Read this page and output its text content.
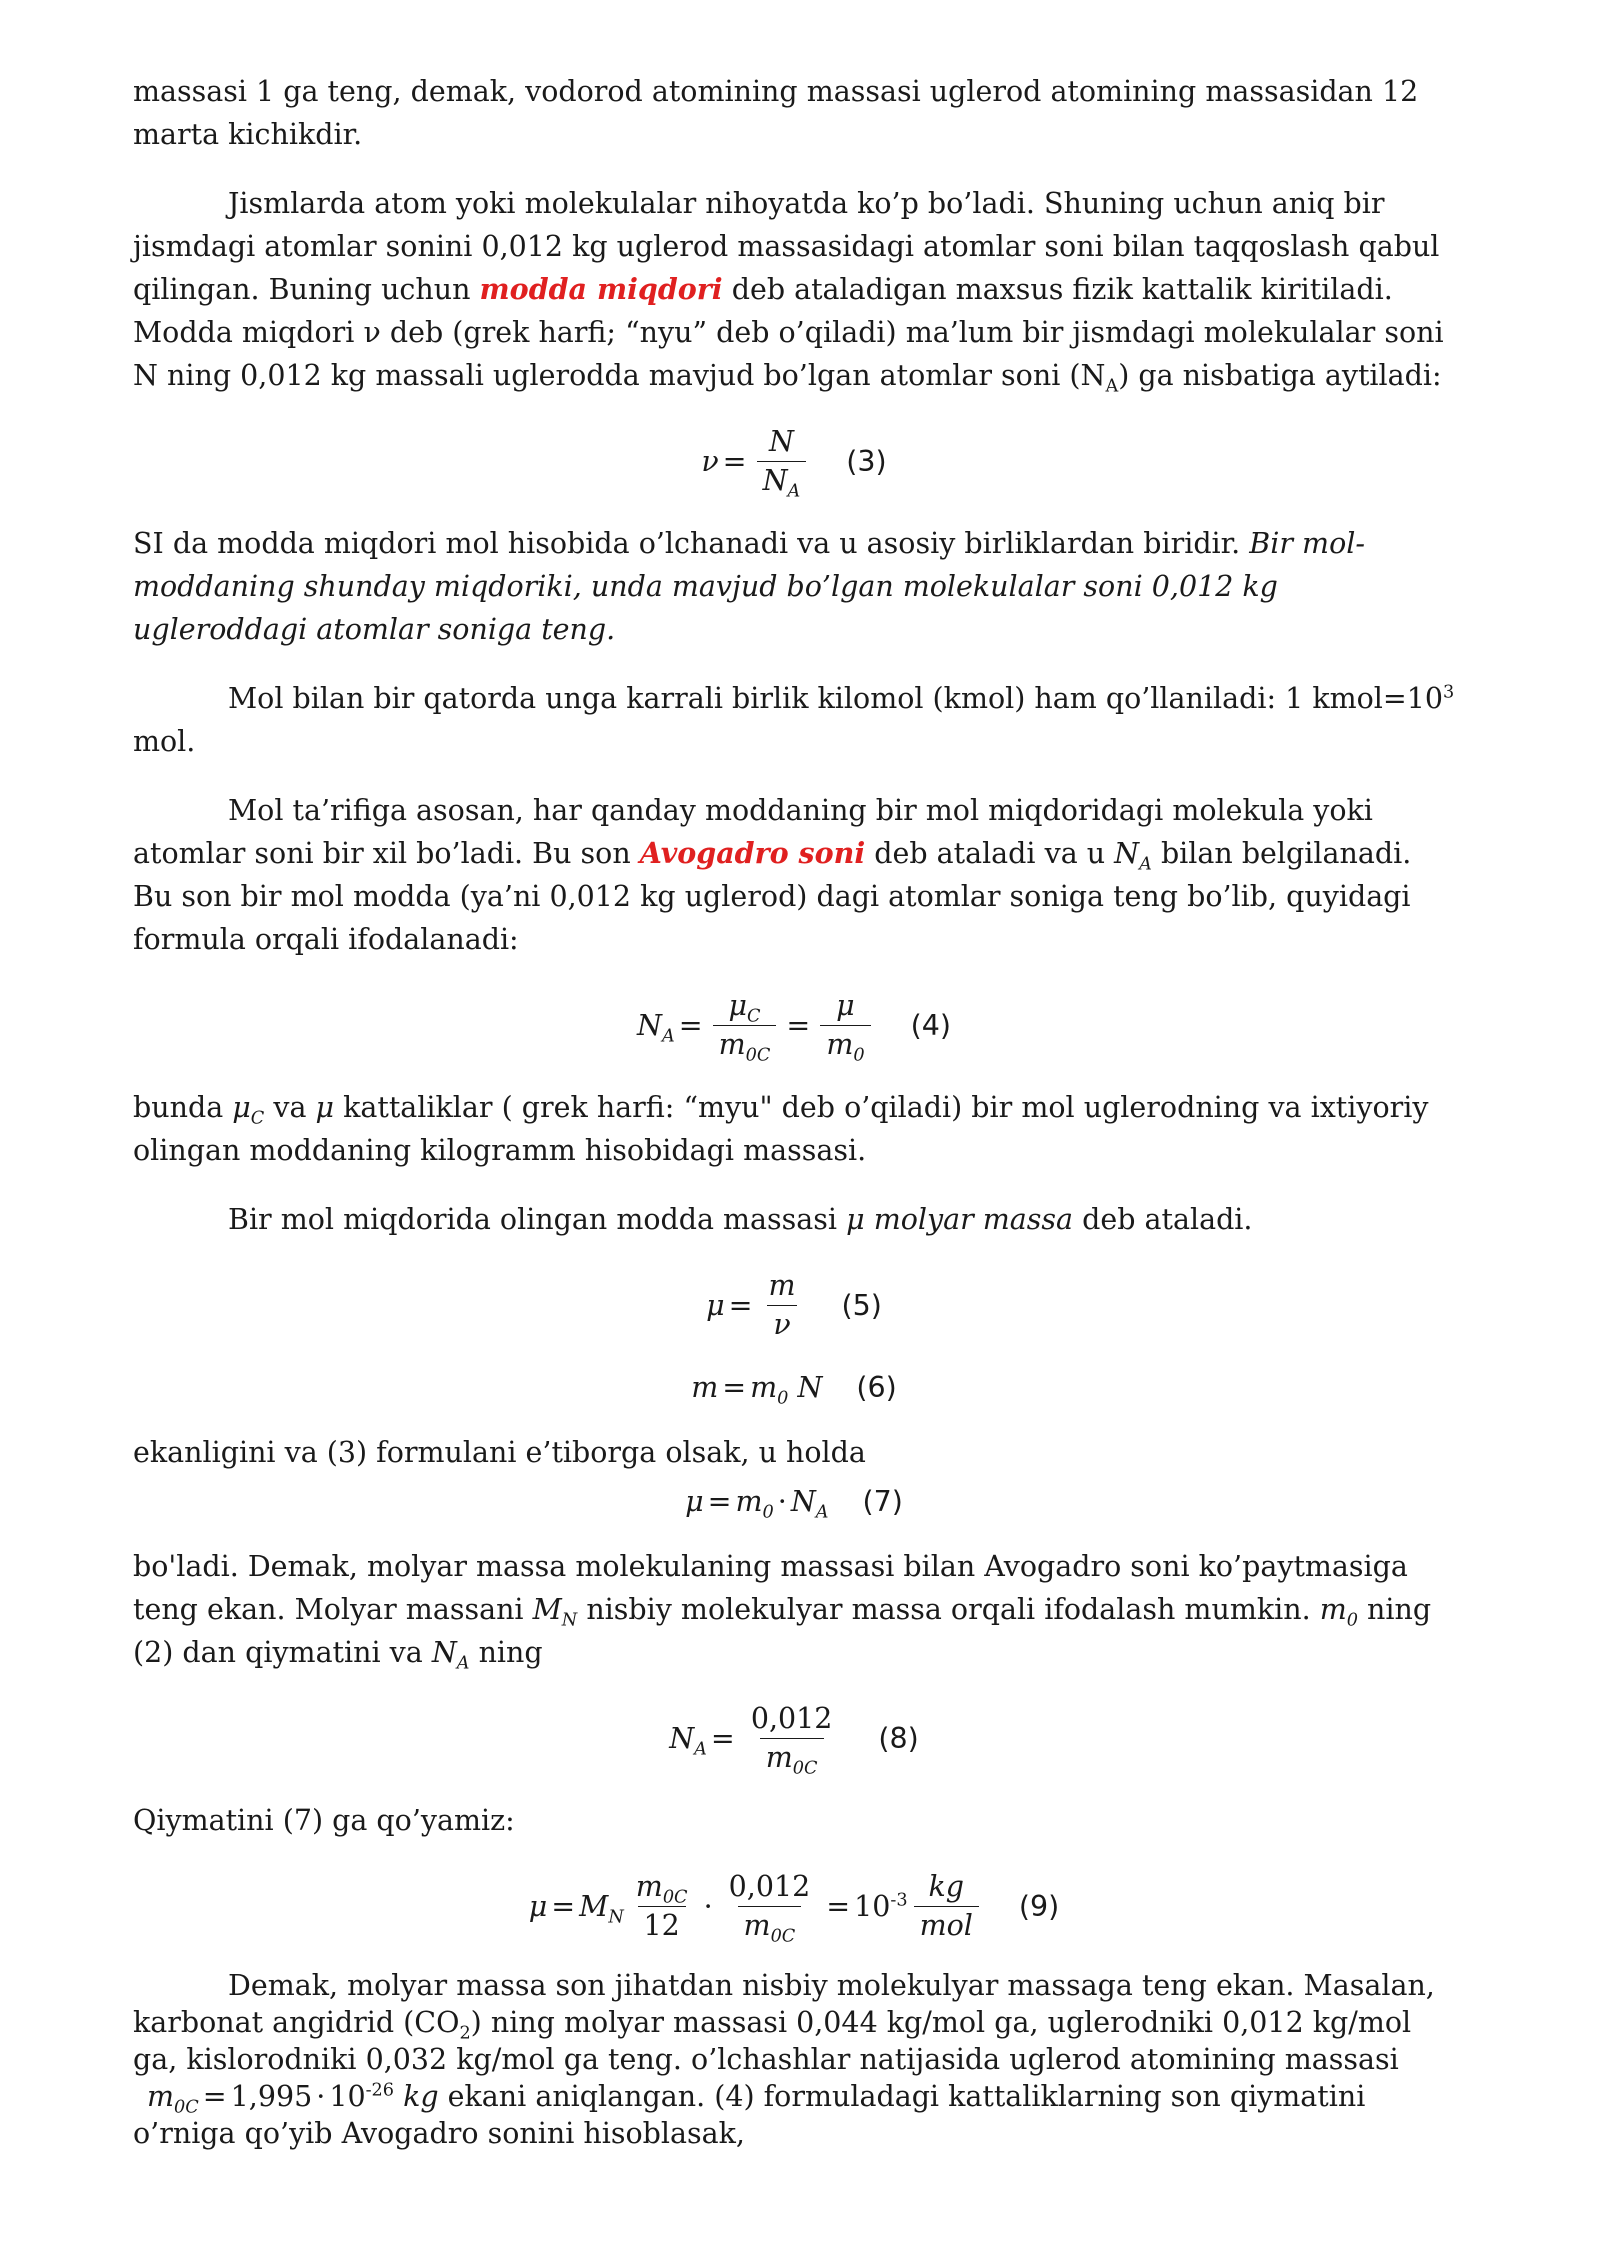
massasi 1 ga teng, demak, vodorod atomining massasi uglerod atomining massasidan 12 marta kichikdir.

Jismlarda atom yoki molekulalar nihoyatda ko’p bo’ladi. Shuning uchun aniq bir jismdagi atomlar sonini 0,012 kg uglerod massasidagi atomlar soni bilan taqqoslash qabul qilingan. Buning uchun modda miqdori deb ataladigan maxsus fizik kattalik kiritiladi. Modda miqdori ν deb (grek harfi; “nyu” deb o’qiladi) ma’lum bir jismdagi molekulalar soni N ning 0,012 kg massali uglerodda mavjud bo’lgan atomlar soni $(N_A)$ ga nisbatiga aytiladi:

$\nu = \frac{N}{N_A} (3)$

SI da modda miqdori mol hisobida o’lchanadi va u asosiy birliklardan biridir. Bir mol-moddaning shunday miqdoriki, unda mavjud bo’lgan molekulalar soni 0,012 kg ugleroddagi atomlar soniga teng.

Mol bilan bir qatorda unga karrali birlik kilomol (kmol) ham qo’llaniladi: 1 $kmol=10^3$ mol.

Mol ta’rifiga asosan, har qanday moddaning bir mol miqdoridagi molekula yoki atomlar soni bir xil bo’ladi. Bu son Avogadro soni deb ataladi va u $N_A$ bilan belgilanadi. Bu son bir mol modda (ya’ni 0,012 kg uglerod) dagi atomlar soniga teng bo’lib, quyidagi formula orqali ifodalanadi:

$N_A = \frac{\mu_C}{m_{0C}} = \frac{\mu}{m_0} (4)$

bunda $\mu_C$ va μ kattaliklar ( grek harfi: “myu" deb o’qiladi) bir mol uglerodning va ixtiyoriy olingan moddaning kilogramm hisobidagi massasi.

Bir mol miqdorida olingan modda massasi μ molyar massa deb ataladi.

$\mu = \frac{m}{\nu} (5)$
$m = m_0$ N (6)

ekanligini va (3) formulani e’tiborga olsak, u holda

$\mu = m_0 \cdot N_A$ (7)

bo'ladi. Demak, molyar massa molekulaning massasi bilan Avogadro soni ko’paytmasiga teng ekan. Molyar massani $M_N$ nisbiy molekulyar massa orqali ifodalash mumkin. $m_0$ ning (2) dan qiymatini va $N_A$ ning

$N_A = \frac{0,012}{m_{0C}} (8)$

Qiymatini (7) ga qo’yamiz:

$\mu = M_N \frac{m_{0C}}{12} \cdot \frac{0,012}{m_{0C}} = 10^{-3} \frac{kg}{\text{mol}} (9)$

Demak, molyar massa son jihatdan nisbiy molekulyar massaga teng ekan. Masalan, karbonat angidrid $(CO_2)$ ning molyar massasi 0,044 kg/mol ga, uglerodniki 0,012 kg/mol ga, kislorodniki 0,032 kg/mol ga teng. o’lchashlar natijasida uglerod atomining massasi
$m_{0C} = 1,995 \cdot 10^{-26}$ kg ekani aniqlangan. (4) formuladagi kattaliklarning son qiymatini o’rniga qo’yib Avogadro sonini hisoblasak,
